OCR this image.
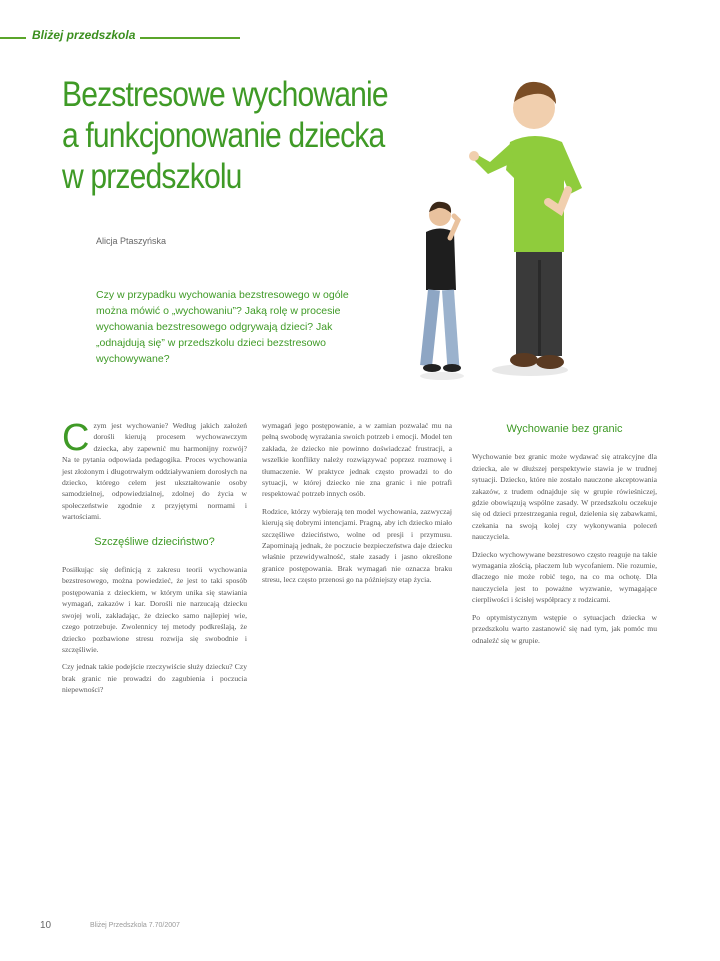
Bliżej przedszkola
Bezstresowe wychowanie
a funkcjonowanie dziecka
w przedszkolu
Alicja Ptaszyńska
Czy w przypadku wychowania bezstresowego w ogóle można mówić o „wychowaniu”? Jaką rolę w procesie wychowania bezstresowego odgrywają dzieci? Jak „odnajdują się” w przedszkolu dzieci bezstresowo wychowywane?

Czym jest wychowanie? Według jakich założeń dorośli kierują procesem wychowawczym dziecka, aby zapewnić mu harmonijny rozwój? Na te pytania odpowiada pedagogika. Proces wychowania jest złożonym i długotrwałym oddziaływaniem dorosłych na dziecko, którego celem jest ukształtowanie osoby samodzielnej, odpowiedzialnej, zdolnej do życia w społeczeństwie zgodnie z przyjętymi normami i wartościami.

Szczęśliwe dzieciństwo?

Posiłkując się definicją z zakresu teorii wychowania bezstresowego, można powiedzieć, że jest to taki sposób postępowania z dzieckiem, w którym unika się stawiania wymagań, zakazów i kar. Dorośli nie narzucają dziecku swojej woli, zakładając, że dziecko samo najlepiej wie, czego potrzebuje. Zwolennicy tej metody podkreślają, że dziecko pozbawione stresu rozwija się swobodnie i szczęśliwie.

Czy jednak takie podejście rzeczywiście służy dziecku? Czy brak granic nie prowadzi do zagubienia i poczucia niepewności?

wymagań jego postępowanie, a w zamian pozwalać mu na pełną swobodę wyrażania swoich potrzeb i emocji. Model ten zakłada, że dziecko nie powinno doświadczać frustracji, a wszelkie konflikty należy rozwiązywać poprzez rozmowę i tłumaczenie. W praktyce jednak często prowadzi to do sytuacji, w której dziecko nie zna granic i nie potrafi respektować potrzeb innych osób.

Rodzice, którzy wybierają ten model wychowania, zazwyczaj kierują się dobrymi intencjami. Pragną, aby ich dziecko miało szczęśliwe dzieciństwo, wolne od presji i przymusu. Zapominają jednak, że poczucie bezpieczeństwa daje dziecku właśnie przewidywalność, stałe zasady i jasno określone granice postępowania. Brak wymagań nie oznacza braku stresu, lecz często przenosi go na późniejszy etap życia.

Wychowanie bez granic

Wychowanie bez granic może wydawać się atrakcyjne dla dziecka, ale w dłuższej perspektywie stawia je w trudnej sytuacji. Dziecko, które nie zostało nauczone akceptowania zakazów, z trudem odnajduje się w grupie rówieśniczej, gdzie obowiązują wspólne zasady. W przedszkolu oczekuje się od dzieci przestrzegania reguł, dzielenia się zabawkami, czekania na swoją kolej czy wykonywania poleceń nauczyciela.

Dziecko wychowywane bezstresowo często reaguje na takie wymagania złością, płaczem lub wycofaniem. Nie rozumie, dlaczego nie może robić tego, na co ma ochotę. Dla nauczyciela jest to poważne wyzwanie, wymagające cierpliwości i ścisłej współpracy z rodzicami.

Po optymistycznym wstępie o sytuacjach dziecka w przedszkolu warto zastanowić się nad tym, jak pomóc mu odnaleźć się w grupie.

10	Bliżej Przedszkola 7.70/2007
